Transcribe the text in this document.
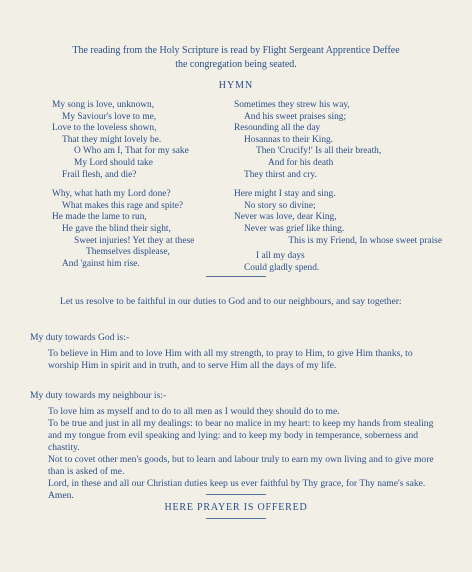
The reading from the Holy Scripture is read by Flight Sergeant Apprentice Deffee
the congregation being seated.
HYMN
My song is love, unknown,
My Saviour's love to me,
Love to the loveless shown,
That they might lovely be.
O Who am I, That for my sake
My Lord should take
Frail flesh, and die?
Why, what hath my Lord done?
What makes this rage and spite?
He made the lame to run,
He gave the blind their sight,
Sweet injuries! Yet they at these
Themselves displease,
And 'gainst him rise.
Sometimes they strew his way,
And his sweet praises sing;
Resounding all the day
Hosannas to their King.
Then 'Crucify!' Is all their breath,
And for his death
They thirst and cry.
Here might I stay and sing.
No story so divine;
Never was love, dear King,
Never was grief like thing.
This is my Friend, In whose sweet praise
I all my days
Could gladly spend.
Let us resolve to be faithful in our duties to God and to our neighbours, and say together:
My duty towards God is:-
To believe in Him and to love Him with all my strength, to pray to Him, to give Him thanks, to worship Him in spirit and in truth, and to serve Him all the days of my life.
My duty towards my neighbour is:-
To love him as myself and to do to all men as I would they should do to me.
To be true and just in all my dealings: to bear no malice in my heart: to keep my hands from stealing and my tongue from evil speaking and lying: and to keep my body in temperance, soberness and chastity.
Not to covet other men's goods, but to learn and labour truly to earn my own living and to give more than is asked of me.
Lord, in these and all our Christian duties keep us ever faithful by Thy grace, for Thy name's sake. Amen.
HERE PRAYER IS OFFERED
